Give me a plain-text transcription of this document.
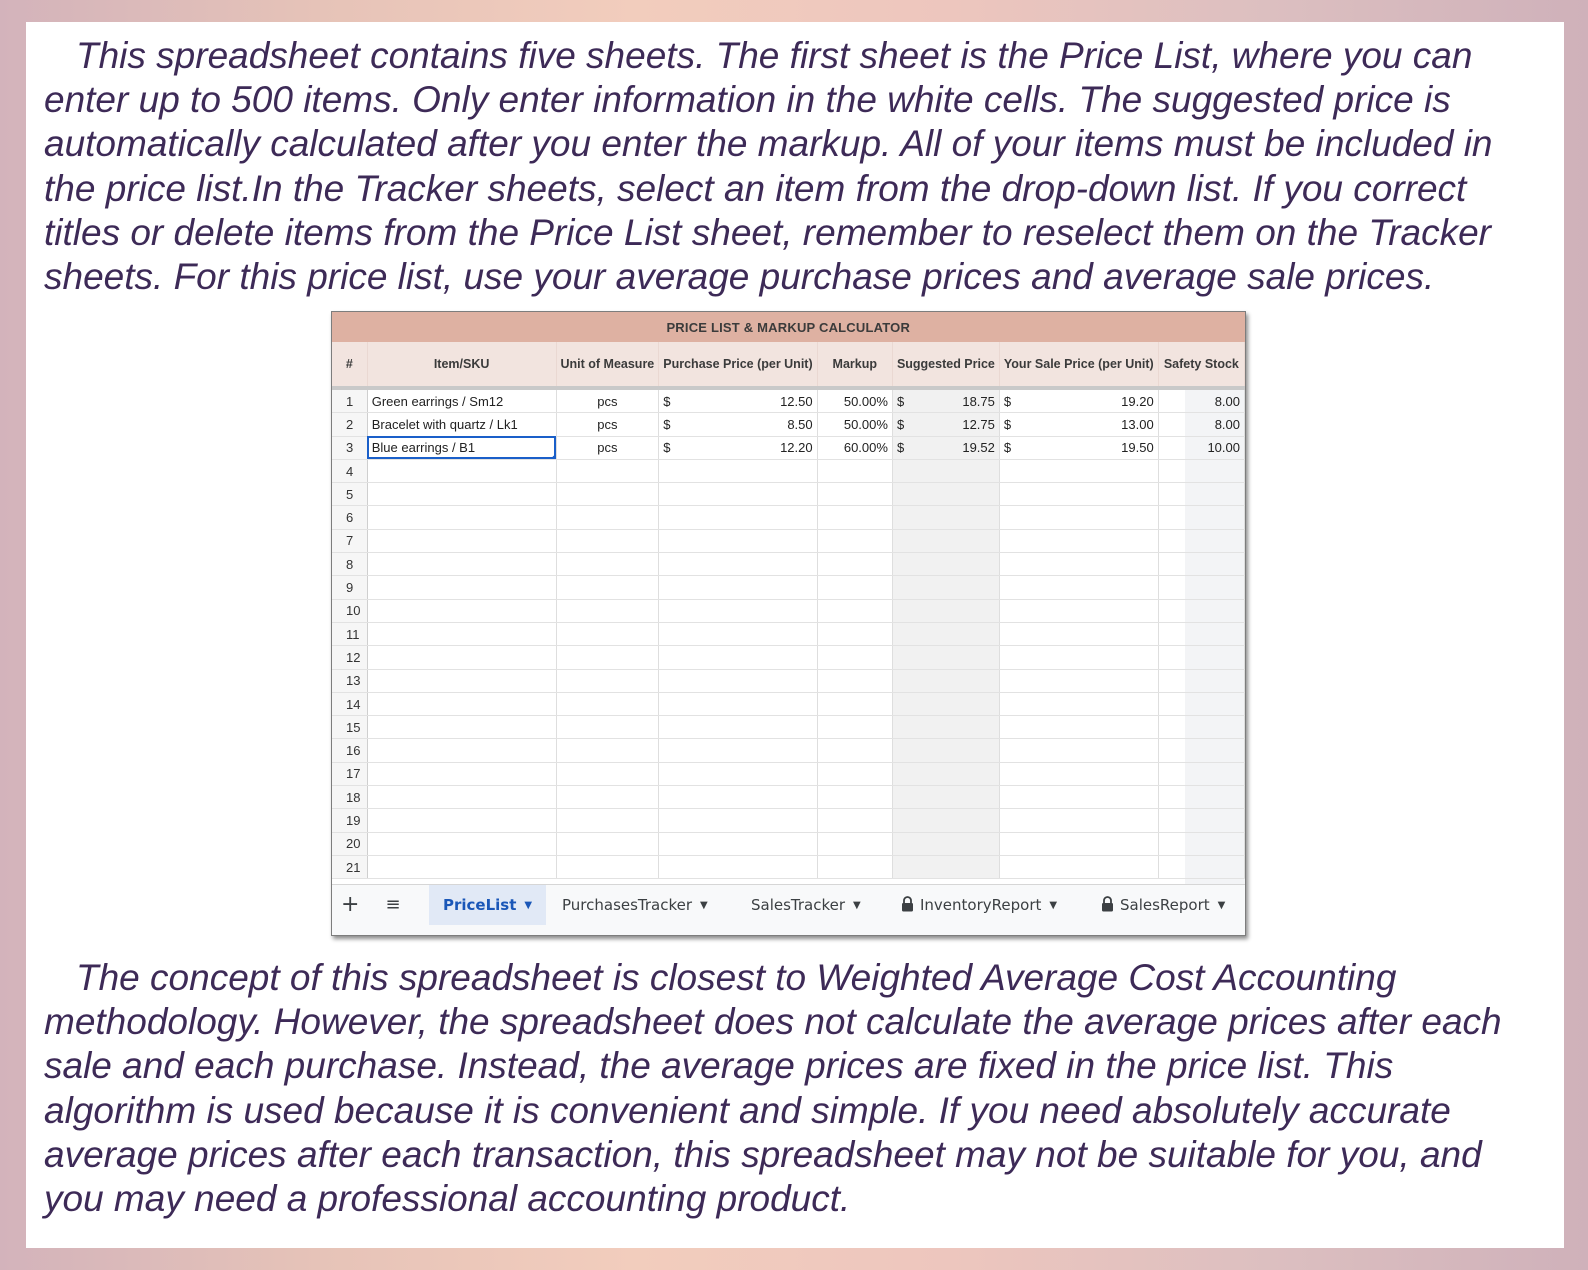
This spreadsheet contains five sheets. The first sheet is the Price List, where you can enter up to 500 items. Only enter information in the white cells. The suggested price is automatically calculated after you enter the markup. All of your items must be included in the price list.In the Tracker sheets, select an item from the drop-down list. If you correct titles or delete items from the Price List sheet, remember to reselect them on the Tracker sheets. For this price list, use your average purchase prices and average sale prices.

PRICE LIST & MARKUP CALCULATOR							
#	Item/SKU	Unit of Measure	Purchase Price (per Unit)	Markup	Suggested Price	Your Sale Price (per Unit)	Safety Stock
1	Green earrings / Sm12	pcs	$ 12.50	50.00%	$ 18.75	$ 19.20	8.00
2	Bracelet with quartz / Lk1	pcs	$ 8.50	50.00%	$ 12.75	$ 13.00	8.00
3	Blue earrings / B1	pcs	$ 12.20	60.00%	$ 19.52	$ 19.50	10.00
4							
5							
6							
7							
8							
9							
10							
11							
12							
13							
14							
15							
16							
17							
18							
19							
20							
21							
+ ≡	PriceList ▼	PurchasesTracker ▼	SalesTracker ▼	InventoryReport ▼	SalesReport ▼

The concept of this spreadsheet is closest to Weighted Average Cost Accounting methodology. However, the spreadsheet does not calculate the average prices after each sale and each purchase. Instead, the average prices are fixed in the price list. This algorithm is used because it is convenient and simple. If you need absolutely accurate average prices after each transaction, this spreadsheet may not be suitable for you, and you may need a professional accounting product.
